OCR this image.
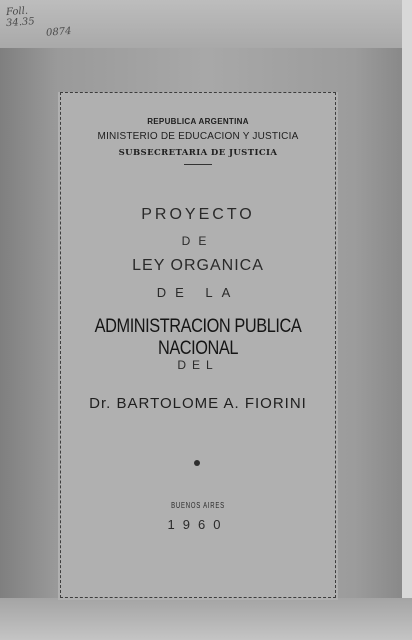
Foll.
34.35
0874
REPUBLICA ARGENTINA
MINISTERIO DE EDUCACION Y JUSTICIA
SUBSECRETARIA DE JUSTICIA
PROYECTO
DE
LEY ORGANICA
DE LA
ADMINISTRACION PUBLICA NACIONAL
DEL
Dr. BARTOLOME A. FIORINI
BUENOS AIRES
1960
